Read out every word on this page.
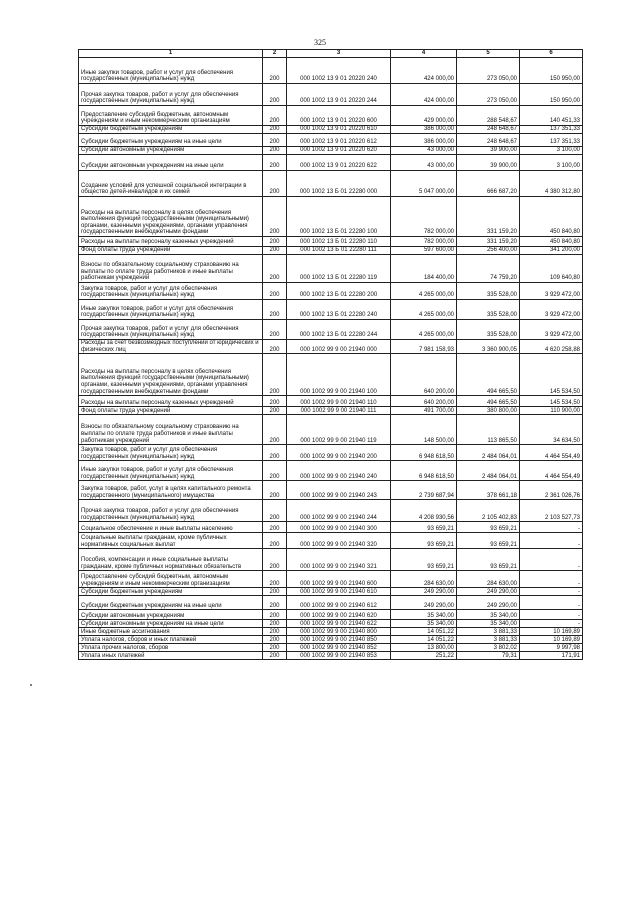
325
1	2	3	4	5	6
Иные закупки товаров, работ и услуг для обеспечения государственных (муниципальных) нужд	200	000 1002 13 9 01 20220 240	424 000,00	273 050,00	150 950,00
Прочая закупка товаров, работ и услуг для обеспечения государственных (муниципальных) нужд	200	000 1002 13 9 01 20220 244	424 000,00	273 050,00	150 950,00
Предоставление субсидий бюджетным, автономным учреждениям и иным некоммерческим организациям	200	000 1002 13 9 01 20220 600	429 000,00	288 548,67	140 451,33
Субсидии бюджетным учреждениям	200	000 1002 13 9 01 20220 610	386 000,00	248 648,67	137 351,33
Субсидии бюджетным учреждениям на иные цели	200	000 1002 13 9 01 20220 612	386 000,00	248 648,67	137 351,33
Субсидии автономным учреждениям	200	000 1002 13 9 01 20220 620	43 000,00	39 900,00	3 100,00
Субсидии автономным учреждениям на иные цели	200	000 1002 13 9 01 20220 622	43 000,00	39 900,00	3 100,00
Создание условий для успешной социальной интеграции в общество детей-инвалидов и их семей	200	000 1002 13 Б 01 22280 000	5 047 000,00	666 687,20	4 380 312,80
Расходы на выплаты персоналу в целях обеспечения выполнения функций государственными (муниципальными) органами, казенными учреждениями, органами управления государственными внебюджетными фондами	200	000 1002 13 Б 01 22280 100	782 000,00	331 159,20	450 840,80
Расходы на выплаты персоналу казенных учреждений	200	000 1002 13 Б 01 22280 110	782 000,00	331 159,20	450 840,80
Фонд оплаты труда учреждений	200	000 1002 13 Б 01 22280 111	597 600,00	256 400,00	341 200,00
Взносы по обязательному социальному страхованию на выплаты по оплате труда работников и иные выплаты работникам учреждений	200	000 1002 13 Б 01 22280 119	184 400,00	74 759,20	109 640,80
Закупка товаров, работ и услуг для обеспечения государственных (муниципальных) нужд	200	000 1002 13 Б 01 22280 200	4 265 000,00	335 528,00	3 929 472,00
Иные закупки товаров, работ и услуг для обеспечения государственных (муниципальных) нужд	200	000 1002 13 Б 01 22280 240	4 265 000,00	335 528,00	3 929 472,00
Прочая закупка товаров, работ и услуг для обеспечения государственных (муниципальных) нужд	200	000 1002 13 Б 01 22280 244	4 265 000,00	335 528,00	3 929 472,00
Расходы за счет безвозмездных поступлений от юридических и физических лиц	200	000 1002 99 9 00 21940 000	7 981 158,93	3 360 900,05	4 620 258,88
Расходы на выплаты персоналу в целях обеспечения выполнения функций государственными (муниципальными) органами, казенными учреждениями, органами управления государственными внебюджетными фондами	200	000 1002 99 9 00 21940 100	640 200,00	494 665,50	145 534,50
Расходы на выплаты персоналу казенных учреждений	200	000 1002 99 9 00 21940 110	640 200,00	494 665,50	145 534,50
Фонд оплаты труда учреждений	200	000 1002 99 9 00 21940 111	491 700,00	380 800,00	110 900,00
Взносы по обязательному социальному страхованию на выплаты по оплате труда работников и иные выплаты работникам учреждений	200	000 1002 99 9 00 21940 119	148 500,00	113 865,50	34 634,50
Закупка товаров, работ и услуг для обеспечения государственных (муниципальных) нужд	200	000 1002 99 9 00 21940 200	6 948 618,50	2 484 064,01	4 464 554,49
Иные закупки товаров, работ и услуг для обеспечения государственных (муниципальных) нужд	200	000 1002 99 9 00 21940 240	6 948 618,50	2 484 064,01	4 464 554,49
Закупка товаров, работ, услуг в целях капитального ремонта государственного (муниципального) имущества	200	000 1002 99 9 00 21940 243	2 739 687,94	378 661,18	2 361 026,76
Прочая закупка товаров, работ и услуг для обеспечения государственных (муниципальных) нужд	200	000 1002 99 9 00 21940 244	4 208 930,56	2 105 402,83	2 103 527,73
Социальное обеспечение и иные выплаты населению	200	000 1002 99 9 00 21940 300	93 659,21	93 659,21	-
Социальные выплаты гражданам, кроме публичных нормативных социальных выплат	200	000 1002 99 9 00 21940 320	93 659,21	93 659,21	-
Пособия, компенсации и иные социальные выплаты гражданам, кроме публичных нормативных обязательств	200	000 1002 99 9 00 21940 321	93 659,21	93 659,21	-
Предоставление субсидий бюджетным, автономным учреждениям и иным некоммерческим организациям	200	000 1002 99 9 00 21940 600	284 630,00	284 630,00	-
Субсидии бюджетным учреждениям	200	000 1002 99 9 00 21940 610	249 290,00	249 290,00	-
Субсидии бюджетным учреждениям на иные цели	200	000 1002 99 9 00 21940 612	249 290,00	249 290,00	-
Субсидии автономным учреждениям	200	000 1002 99 9 00 21940 620	35 340,00	35 340,00	-
Субсидии автономным учреждениям на иные цели	200	000 1002 99 9 00 21940 622	35 340,00	35 340,00	-
Иные бюджетные ассигнования	200	000 1002 99 9 00 21940 800	14 051,22	3 881,33	10 169,89
Уплата налогов, сборов и иных платежей	200	000 1002 99 9 00 21940 850	14 051,22	3 881,33	10 169,89
Уплата прочих налогов, сборов	200	000 1002 99 9 00 21940 852	13 800,00	3 802,02	9 997,98
Уплата иных платежей	200	000 1002 99 9 00 21940 853	251,22	79,31	171,91
